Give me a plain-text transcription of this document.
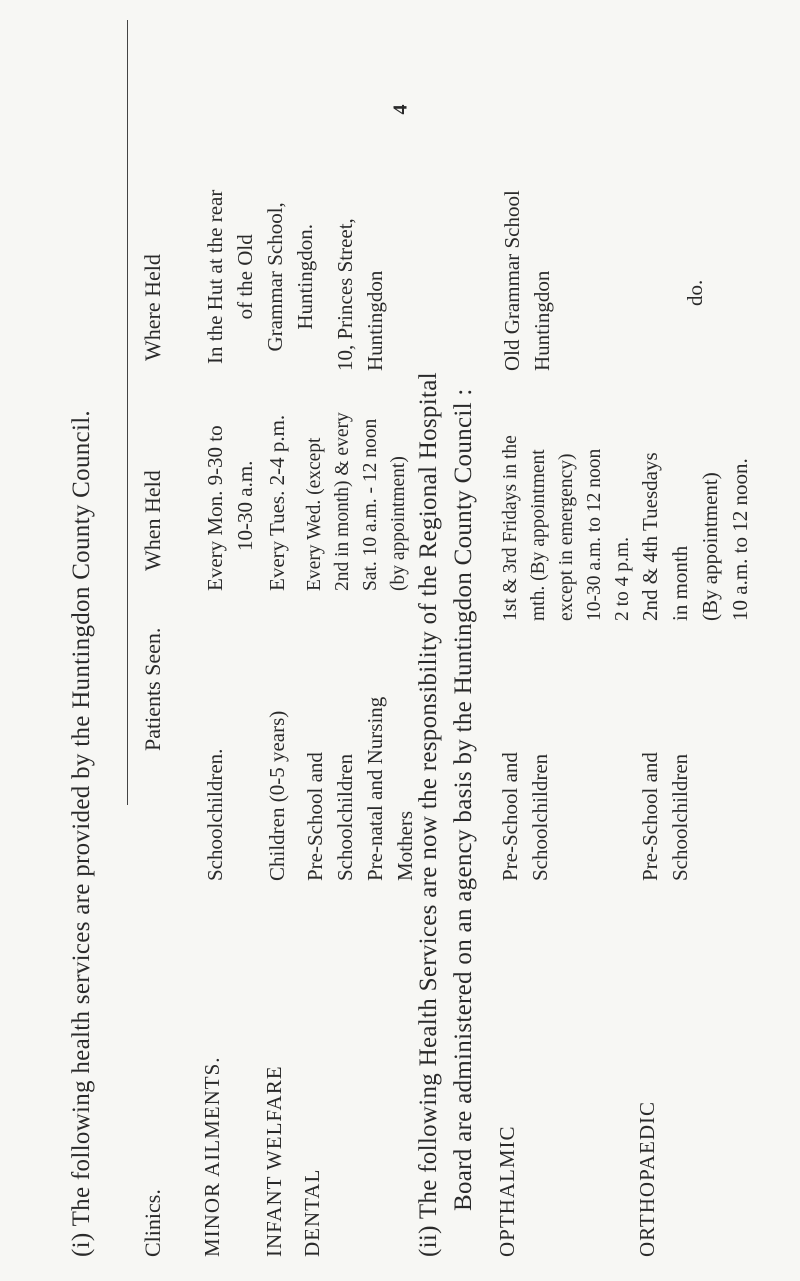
4
(i) The following health services are provided by the Huntingdon County Council. Clinics.
Patients Seen.
When Held
Where Held
MINOR AILMENTS.
Schoolchildren.
Every Mon. 9-30 to 10-30 a.m.
In the Hut at the rear of the Old Grammar School, Huntingdon.
INFANT WELFARE
Children (0-5 years)
Every Tues. 2-4 p.m.
DENTAL
Pre-School and Schoolchildren Pre-natal and Nursing Mothers
Every Wed. (except 2nd in month) & every Sat. 10 a.m. - 12 noon (by appointment)
10, Princes Street, Huntingdon
(ii) The following Health Services are now the responsibility of the Regional Hospital Board are administered on an agency basis by the Huntingdon County Council : OPTHALMIC
Pre-School and Schoolchildren
1st & 3rd Fridays in the mth. (By appointment except in emergency) 10-30 a.m. to 12 noon 2 to 4 p.m.
Old Grammar School Huntingdon
ORTHOPAEDIC
Pre-School and Schoolchildren
2nd & 4th Tuesdays in month (By appointment) 10 a.m. to 12 noon.
do.
